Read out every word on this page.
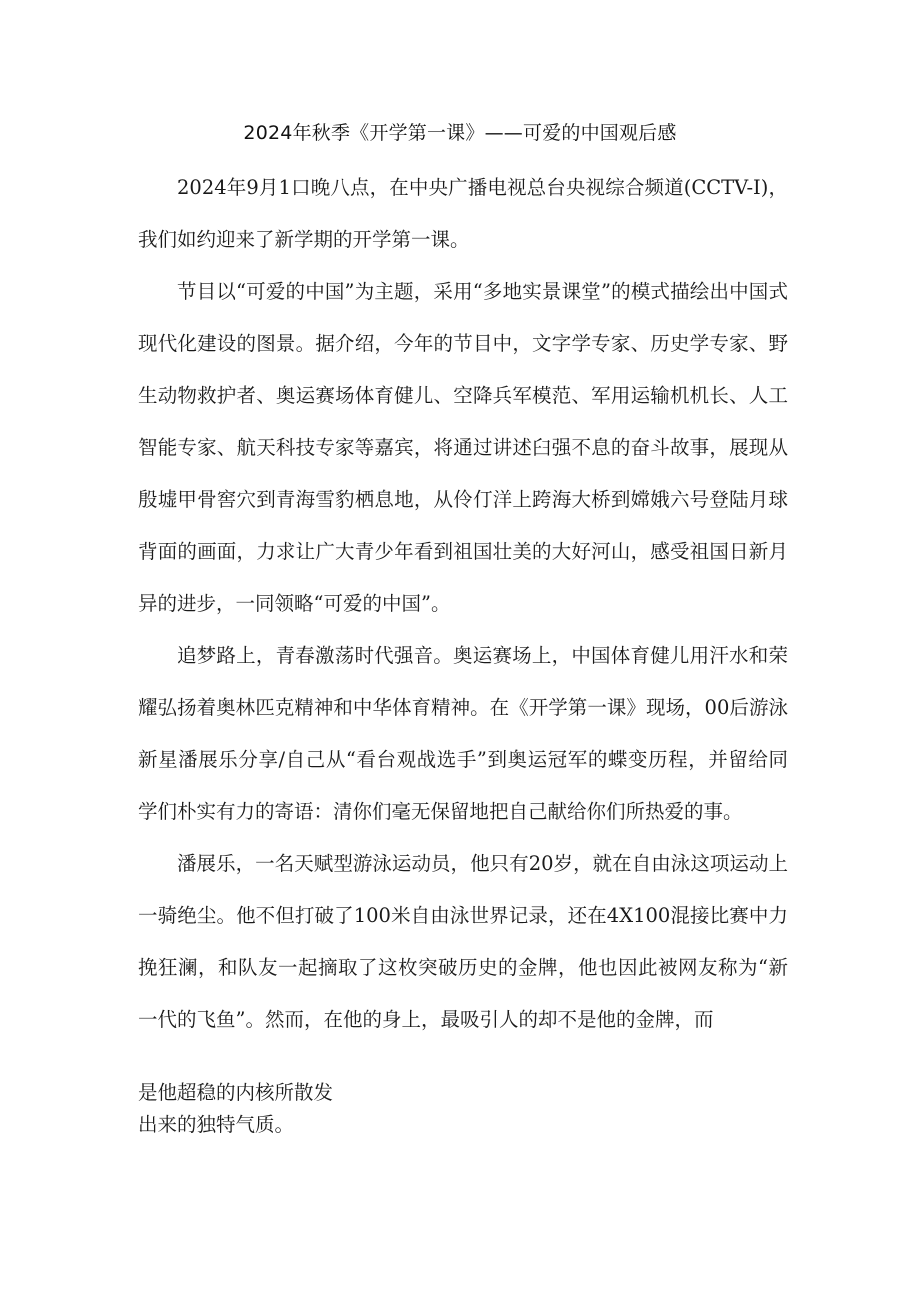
2024年秋季《开学第一课》——可爱的中国观后感

2024年9月1口晚八点，在中央广播电视总台央视综合频道(CCTV-I)，我们如约迎来了新学期的开学第一课。

节目以“可爱的中国”为主题，采用“多地实景课堂”的模式描绘出中国式现代化建设的图景。据介绍，今年的节目中，文字学专家、历史学专家、野生动物救护者、奥运赛场体育健儿、空降兵军模范、军用运输机机长、人工智能专家、航天科技专家等嘉宾，将通过讲述臼强不息的奋斗故事，展现从殷墟甲骨窖穴到青海雪豹栖息地，从伶仃洋上跨海大桥到嫦娥六号登陆月球背面的画面，力求让广大青少年看到祖国壮美的大好河山，感受祖国日新月异的进步，一同领略“可爱的中国”。

追梦路上，青春激荡时代强音。奥运赛场上，中国体育健儿用汗水和荣耀弘扬着奥林匹克精神和中华体育精神。在《开学第一课》现场，00后游泳新星潘展乐分享/自己从“看台观战选手”到奥运冠军的蝶变历程，并留给同学们朴实有力的寄语：清你们毫无保留地把自己献给你们所热爱的事。

潘展乐，一名天赋型游泳运动员，他只有20岁，就在自由泳这项运动上一骑绝尘。他不但打破了100米自由泳世界记录，还在4X100混接比赛中力挽狂澜，和队友一起摘取了这枚突破历史的金牌，他也因此被网友称为“新一代的飞鱼”。然而，在他的身上，最吸引人的却不是他的金牌，而

是他超稳的内核所散发
出来的独特气质。
